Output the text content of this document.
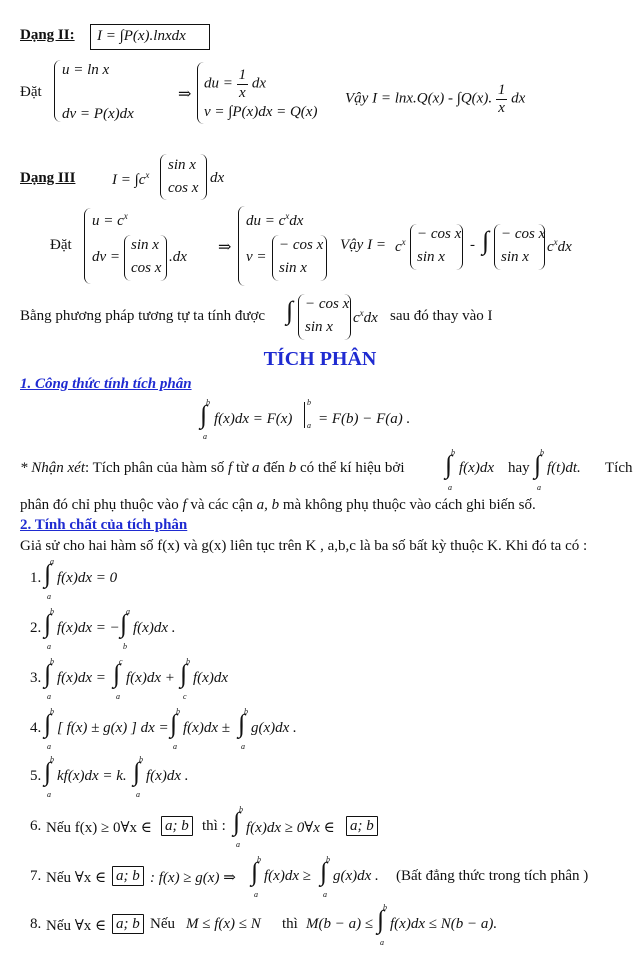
Dạng II: I = ∫P(x).lnxdx
Đặt
u = ln x
dv = P(x)dx
⇒
du = $\frac{1}{x}$ dx
v = ∫P(x)dx = Q(x)
Vậy I = lnx.Q(x) - ∫Q(x). $\frac{1}{x}$ dx
Dạng III $I = \int c^x$
sin x
cos x
dx
Đặt
$u = c^x$
dv =
sin x
cos x
.dx
⇒
du = $c^xdx$
v =
− cos x
sin x
Vậy $I = c^x - \cos x$
sin x
- ∫ − cos x
sin x
$c^xdx$
Bằng phương pháp tương tự ta tính được ∫ − cos x
sin x
$c^xdx$ sau đó thay vào I
TÍCH PHÂN
1. Công thức tính tích phân
∫
b
a
f(x)dx = F(x)
b
a = F(b) − F(a) .
* Nhận xét: Tích phân của hàm số f từ a đến b có thể kí hiệu bởi ∫
b
a
f(x)dx hay ∫
b
a
f(t)dt. Tích
phân đó chỉ phụ thuộc vào f và các cận a, b mà không phụ thuộc vào cách ghi biến số.
2. Tính chất của tích phân
Giả sử cho hai hàm số f(x) và g(x) liên tục trên K , a,b,c là ba số bất kỳ thuộc K. Khi đó ta có :
1. ∫
a
a
f(x)dx = 0
2. ∫
b
a
f(x)dx = − ∫
a
b
f(x)dx .
3. ∫
b
a
f(x)dx = ∫
c
a
f(x)dx + ∫
b
c
f(x)dx
4. ∫
b
a
[ f(x) ± g(x) ] dx = ∫
b
a
f(x)dx ± ∫
b
a
g(x)dx .
5. ∫
b
a
kf(x)dx = k. ∫
b
a
f(x)dx .
6. Nếu f(x) ≥ 0∀x ∈ a; b thì : ∫
b
a
f(x)dx ≥ 0∀x ∈ a; b
7. Nếu ∀x ∈ a; b : f(x) ≥ g(x) ⇒ ∫
b
a
f(x)dx ≥ ∫
b
a
g(x)dx . (Bất đẳng thức trong tích phân )
8. Nếu ∀x ∈ a; b Nếu M ≤ f(x) ≤ N thì M(b − a) ≤ ∫
b
a
f(x)dx ≤ N(b − a).
